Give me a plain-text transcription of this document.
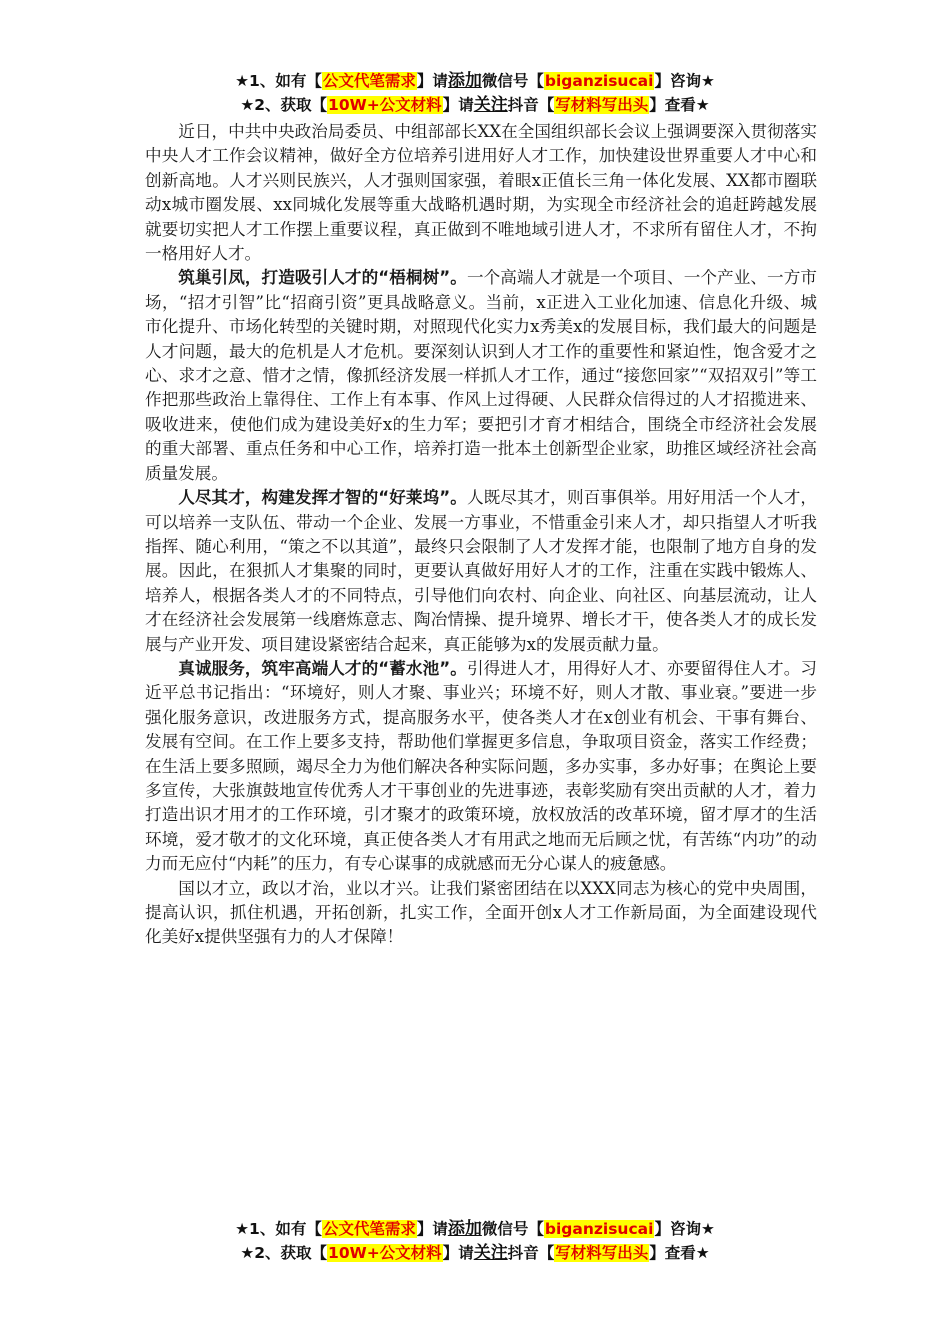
★1、如有【公文代笔需求】请添加微信号【biganzisucai】咨询★
★2、获取【10W+公文材料】请关注抖音【写材料写出头】查看★

近日，中共中央政治局委员、中组部部长XX在全国组织部长会议上强调要深入贯彻落实中央人才工作会议精神，做好全方位培养引进用好人才工作，加快建设世界重要人才中心和创新高地。人才兴则民族兴，人才强则国家强，着眼x正值长三角一体化发展、XX都市圈联动x城市圈发展、xx同城化发展等重大战略机遇时期，为实现全市经济社会的追赶跨越发展就要切实把人才工作摆上重要议程，真正做到不唯地域引进人才，不求所有留住人才，不拘一格用好人才。

筑巢引凤，打造吸引人才的“梧桐树”。一个高端人才就是一个项目、一个产业、一方市场，“招才引智”比“招商引资”更具战略意义。当前，x正进入工业化加速、信息化升级、城市化提升、市场化转型的关键时期，对照现代化实力x秀美x的发展目标，我们最大的问题是人才问题，最大的危机是人才危机。要深刻认识到人才工作的重要性和紧迫性，饱含爱才之心、求才之意、惜才之情，像抓经济发展一样抓人才工作，通过“接您回家”“双招双引”等工作把那些政治上靠得住、工作上有本事、作风上过得硬、人民群众信得过的人才招揽进来、吸收进来，使他们成为建设美好x的生力军；要把引才育才相结合，围绕全市经济社会发展的重大部署、重点任务和中心工作，培养打造一批本土创新型企业家，助推区域经济社会高质量发展。

人尽其才，构建发挥才智的“好莱坞”。人既尽其才，则百事俱举。用好用活一个人才，可以培养一支队伍、带动一个企业、发展一方事业，不惜重金引来人才，却只指望人才听我指挥、随心利用，“策之不以其道”，最终只会限制了人才发挥才能，也限制了地方自身的发展。因此，在狠抓人才集聚的同时，更要认真做好用好人才的工作，注重在实践中锻炼人、培养人，根据各类人才的不同特点，引导他们向农村、向企业、向社区、向基层流动，让人才在经济社会发展第一线磨炼意志、陶冶情操、提升境界、增长才干，使各类人才的成长发展与产业开发、项目建设紧密结合起来，真正能够为x的发展贡献力量。

真诚服务，筑牢高端人才的“蓄水池”。引得进人才，用得好人才、亦要留得住人才。习近平总书记指出：“环境好，则人才聚、事业兴；环境不好，则人才散、事业衰。”要进一步强化服务意识，改进服务方式，提高服务水平，使各类人才在x创业有机会、干事有舞台、发展有空间。在工作上要多支持，帮助他们掌握更多信息，争取项目资金，落实工作经费；在生活上要多照顾，竭尽全力为他们解决各种实际问题，多办实事，多办好事；在舆论上要多宣传，大张旗鼓地宣传优秀人才干事创业的先进事迹，表彰奖励有突出贡献的人才，着力打造出识才用才的工作环境，引才聚才的政策环境，放权放活的改革环境，留才厚才的生活环境，爱才敬才的文化环境，真正使各类人才有用武之地而无后顾之忧，有苦练“内功”的动力而无应付“内耗”的压力，有专心谋事的成就感而无分心谋人的疲惫感。

国以才立，政以才治，业以才兴。让我们紧密团结在以XXX同志为核心的党中央周围，提高认识，抓住机遇，开拓创新，扎实工作，全面开创x人才工作新局面，为全面建设现代化美好x提供坚强有力的人才保障！

★1、如有【公文代笔需求】请添加微信号【biganzisucai】咨询★
★2、获取【10W+公文材料】请关注抖音【写材料写出头】查看★
